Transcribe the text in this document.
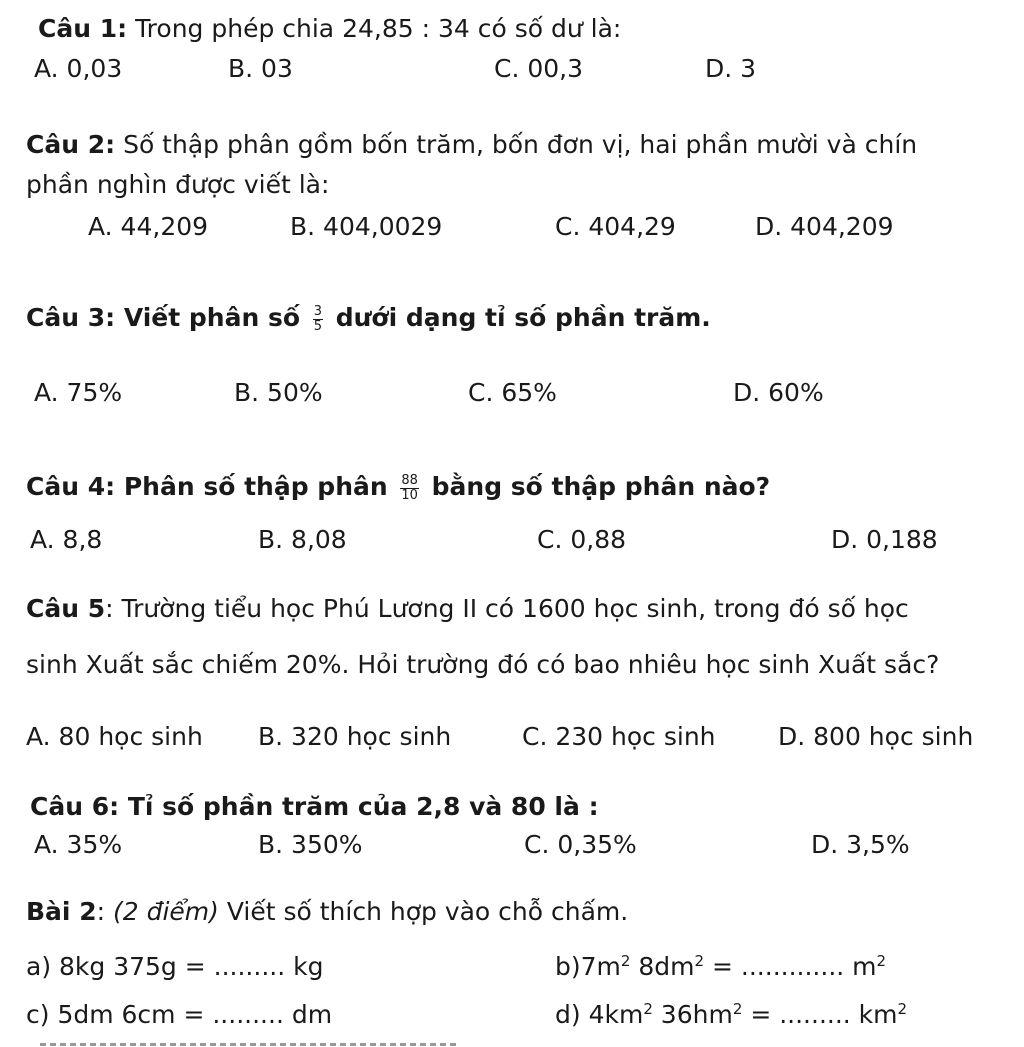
Câu 1: Trong phép chia 24,85 : 34 có số dư là:
A. 0,03	B. 03	C. 00,3	D. 3
Câu 2: Số thập phân gồm bốn trăm, bốn đơn vị, hai phần mười và chín
phần nghìn được viết là:
A. 44,209	B. 404,0029	C. 404,29	D. 404,209
Câu 3: Viết phân số $\frac{3}{5}$ dưới dạng tỉ số phần trăm.
A. 75%	B. 50%	C. 65%	D. 60%
Câu 4: Phân số thập phân $\frac{88}{10}$ bằng số thập phân nào?
A. 8,8	B. 8,08	C. 0,88	D. 0,188
Câu 5: Trường tiểu học Phú Lương II có 1600 học sinh, trong đó số học
sinh Xuất sắc chiếm 20%. Hỏi trường đó có bao nhiêu học sinh Xuất sắc?
A. 80 học sinh B. 320 học sinh	C. 230 học sinh D. 800 học sinh
Câu 6: Tỉ số phần trăm của 2,8 và 80 là :
A. 35%	B. 350%	C. 0,35%	D. 3,5%
Bài 2: (2 điểm) Viết số thích hợp vào chỗ chấm.
a) 8kg 375g = ......... kg	$b)7m^2$ $8dm^2$ = ............. $m^2$
c) 5dm 6cm = ......... dm	d) $4km^2$ $36hm^2$ = ......... $km^2$
